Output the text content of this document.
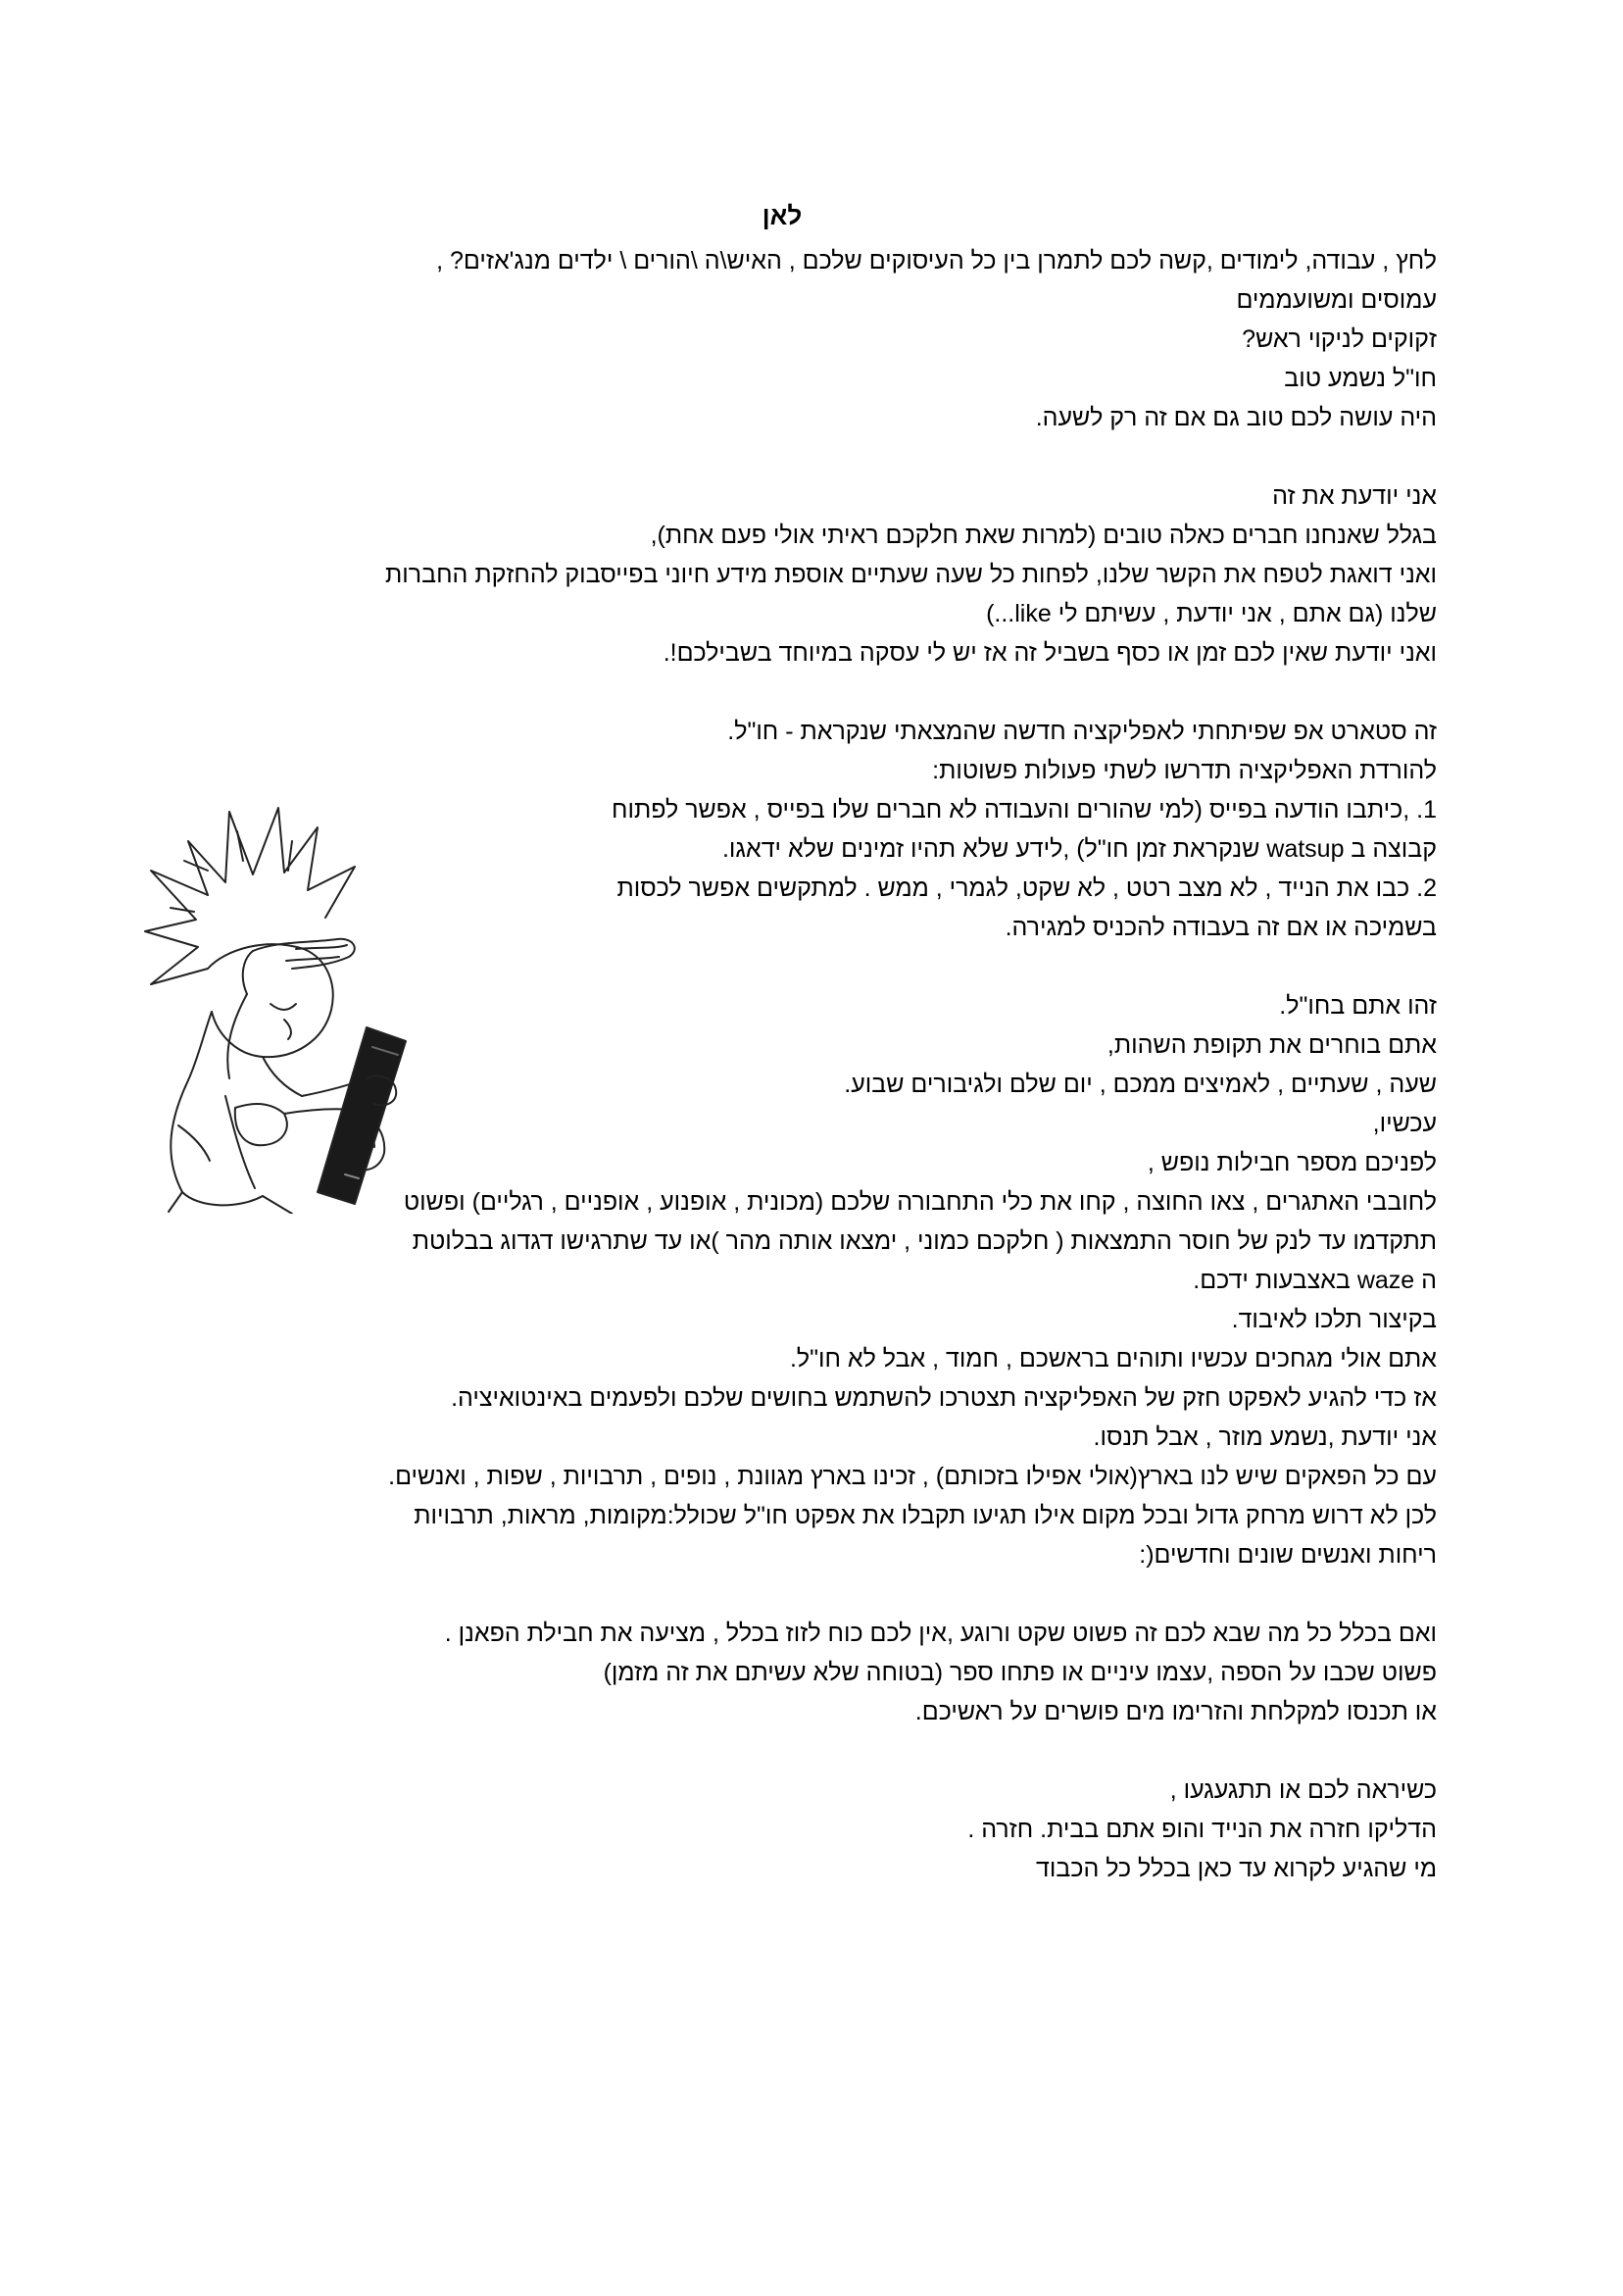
לאן

לחץ , עבודה, לימודים ,קשה לכם לתמרן בין כל העיסוקים שלכם , האיש\ה \הורים \ ילדים מנג'אזים? ,

עמוסים ומשועממים

זקוקים לניקוי ראש?

חו"ל נשמע טוב

היה עושה לכם טוב גם אם זה רק לשעה.

אני יודעת את זה

בגלל שאנחנו חברים כאלה טובים (למרות שאת חלקכם ראיתי אולי פעם אחת),

ואני דואגת לטפח את הקשר שלנו, לפחות כל שעה שעתיים אוספת מידע חיוני בפייסבוק להחזקת החברות

שלנו (גם אתם , אני יודעת , עשיתם לי like...)

ואני יודעת שאין לכם זמן או כסף בשביל זה אז יש לי עסקה במיוחד בשבילכם!.

זה סטארט אפ שפיתחתי לאפליקציה חדשה שהמצאתי שנקראת - חו"ל.

להורדת האפליקציה תדרשו לשתי פעולות פשוטות:

1. ,כיתבו הודעה בפייס (למי שהורים והעבודה לא חברים שלו בפייס , אפשר לפתוח

קבוצה ב watsup שנקראת זמן חו"ל) ,לידע שלא תהיו זמינים שלא ידאגו.

2. כבו את הנייד , לא מצב רטט , לא שקט, לגמרי , ממש . למתקשים אפשר לכסות

בשמיכה או אם זה בעבודה להכניס למגירה.

זהו אתם בחו"ל.

אתם בוחרים את תקופת השהות,

שעה , שעתיים , לאמיצים ממכם , יום שלם ולגיבורים שבוע.

עכשיו,

לפניכם מספר חבילות נופש ,

לחובבי האתגרים , צאו החוצה , קחו את כלי התחבורה שלכם (מכונית , אופנוע , אופניים , רגליים) ופשוט

תתקדמו עד לנק של חוסר התמצאות ( חלקכם כמוני , ימצאו אותה מהר )או עד שתרגישו דגדוג בבלוטת

ה waze באצבעות ידכם.

בקיצור תלכו לאיבוד.

אתם אולי מגחכים עכשיו ותוהים בראשכם , חמוד , אבל לא חו"ל.

אז כדי להגיע לאפקט חזק של האפליקציה תצטרכו להשתמש בחושים שלכם ולפעמים באינטואיציה.

אני יודעת ,נשמע מוזר , אבל תנסו.

עם כל הפאקים שיש לנו בארץ(אולי אפילו בזכותם) , זכינו בארץ מגוונת , נופים , תרבויות , שפות , ואנשים.

לכן לא דרוש מרחק גדול ובכל מקום אילו תגיעו תקבלו את אפקט חו"ל שכולל:מקומות, מראות, תרבויות

ריחות ואנשים שונים וחדשים(:

ואם בכלל כל מה שבא לכם זה פשוט שקט ורוגע ,אין לכם כוח לזוז בכלל , מציעה את חבילת הפאנן .

פשוט שכבו על הספה ,עצמו עיניים או פתחו ספר (בטוחה שלא עשיתם את זה מזמן)

או תכנסו למקלחת והזרימו מים פושרים על ראשיכם.

כשיראה לכם או תתגעגעו ,

הדליקו חזרה את הנייד והופ אתם בבית. חזרה .

מי שהגיע לקרוא עד כאן בכלל כל הכבוד
